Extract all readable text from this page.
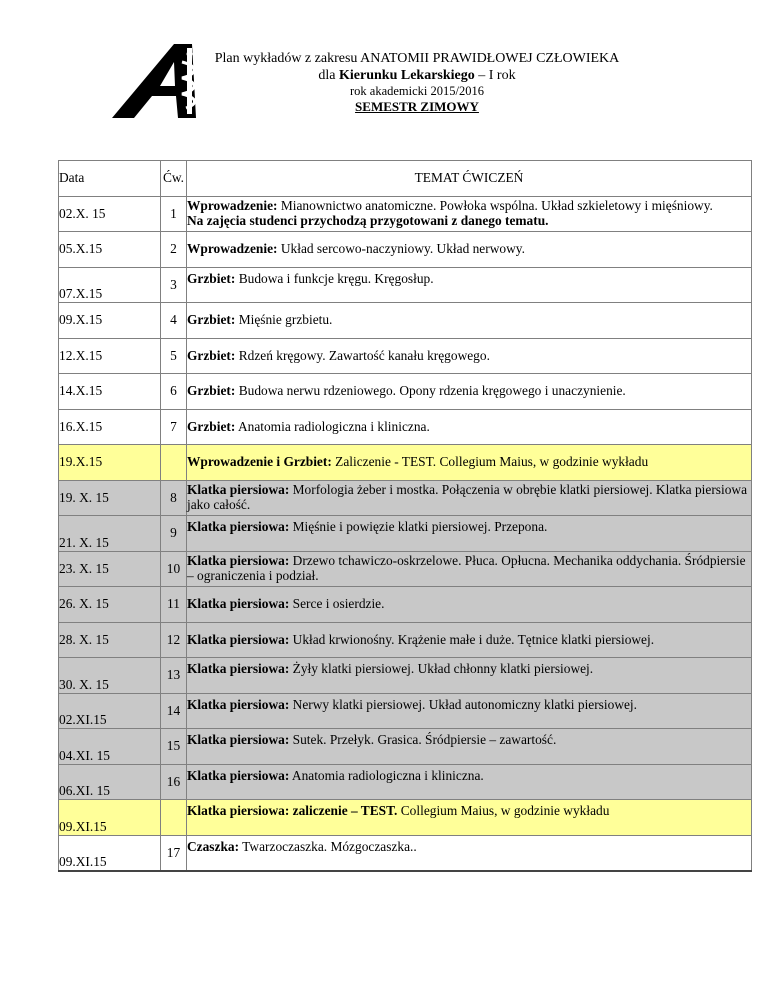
Plan wykładów z zakresu ANATOMII PRAWIDŁOWEJ CZŁOWIEKA
dla Kierunku Lekarskiego – I rok
rok akademicki 2015/2016
SEMESTR ZIMOWY
Data	Ćw.	TEMAT ĆWICZEŃ
02.X. 15	1	Wprowadzenie: Mianownictwo anatomiczne. Powłoka wspólna. Układ szkieletowy i mięśniowy.
Na zajęcia studenci przychodzą przygotowani z danego tematu.
05.X.15	2	Wprowadzenie: Układ sercowo-naczyniowy. Układ nerwowy.
07.X.15	3	Grzbiet: Budowa i funkcje kręgu. Kręgosłup.
09.X.15	4	Grzbiet: Mięśnie grzbietu.
12.X.15	5	Grzbiet: Rdzeń kręgowy. Zawartość kanału kręgowego.
14.X.15	6	Grzbiet: Budowa nerwu rdzeniowego. Opony rdzenia kręgowego i unaczynienie.
16.X.15	7	Grzbiet: Anatomia radiologiczna i kliniczna.
19.X.15		Wprowadzenie i Grzbiet: Zaliczenie - TEST. Collegium Maius, w godzinie wykładu
19. X. 15	8	Klatka piersiowa: Morfologia żeber i mostka. Połączenia w obrębie klatki piersiowej. Klatka piersiowa jako całość.
21. X. 15	9	Klatka piersiowa: Mięśnie i powięzie klatki piersiowej. Przepona.
23. X. 15	10	Klatka piersiowa: Drzewo tchawiczo-oskrzelowe. Płuca. Opłucna. Mechanika oddychania. Śródpiersie – ograniczenia i podział.
26. X. 15	11	Klatka piersiowa: Serce i osierdzie.
28. X. 15	12	Klatka piersiowa: Układ krwionośny. Krążenie małe i duże. Tętnice klatki piersiowej.
30. X. 15	13	Klatka piersiowa: Żyły klatki piersiowej. Układ chłonny klatki piersiowej.
02.XI.15	14	Klatka piersiowa: Nerwy klatki piersiowej. Układ autonomiczny klatki piersiowej.
04.XI. 15	15	Klatka piersiowa: Sutek. Przełyk. Grasica. Śródpiersie – zawartość.
06.XI. 15	16	Klatka piersiowa: Anatomia radiologiczna i kliniczna.
09.XI.15		Klatka piersiowa: zaliczenie – TEST. Collegium Maius, w godzinie wykładu
09.XI.15	17	Czaszka: Twarzoczaszka. Mózgoczaszka..
